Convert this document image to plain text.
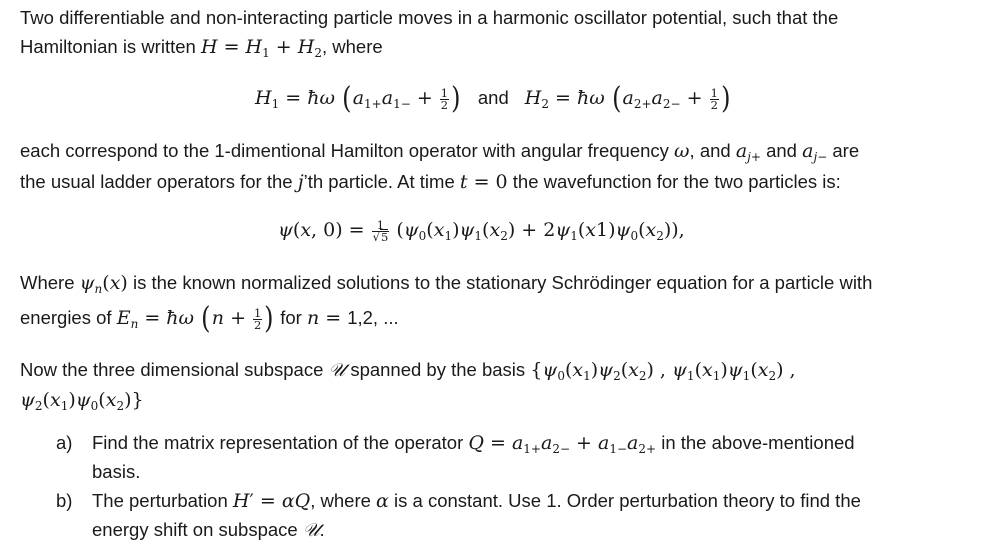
Two differentiable and non-interacting particle moves in a harmonic oscillator potential, such that the
Hamiltonian is written $H = H_1 + H_2$, where
$H_1$ = ħω ($a_{1+}a_{1-} + \frac{1}{2}$ ) and $H_2$ = ħω ($a_{2+}a_{2-} + \frac{1}{2}$ )
each correspond to the 1-dimentional Hamilton operator with angular frequency ω, and $a_{j+}$ and $a_{j-}$ are
the usual ladder operators for the j’th particle. At time t = 0 the wavefunction for the two particles is:
ψ(x, $0) = \frac{1}{√5} (\psi_0(x_1)\psi_1(x_2) + 2\psi_1(x1)\psi_0(x_2))$,
Where $\psi_n(x)$ is the known normalized solutions to the stationary Schrödinger equation for a particle with
energies of $E_n$ = ħω ($n + \frac{1}{2}$ ) for n = 1,2, ...
Now the three dimensional subspace 𝒰 spanned by the basis {$\psi_0(x_1)\psi_2(x_2)$ , $\psi_1(x_1)\psi_1(x_2)$ ,
$\psi_2(x_1)\psi_0(x_2)$}
a) Find the matrix representation of the operator $Q = a_{1+}a_{2-} + a_{1-}a_{2+}$ in the above-mentioned
basis.
b) The perturbation H′ = αQ, where α is a constant. Use 1. Order perturbation theory to find the
energy shift on subspace 𝒰.
